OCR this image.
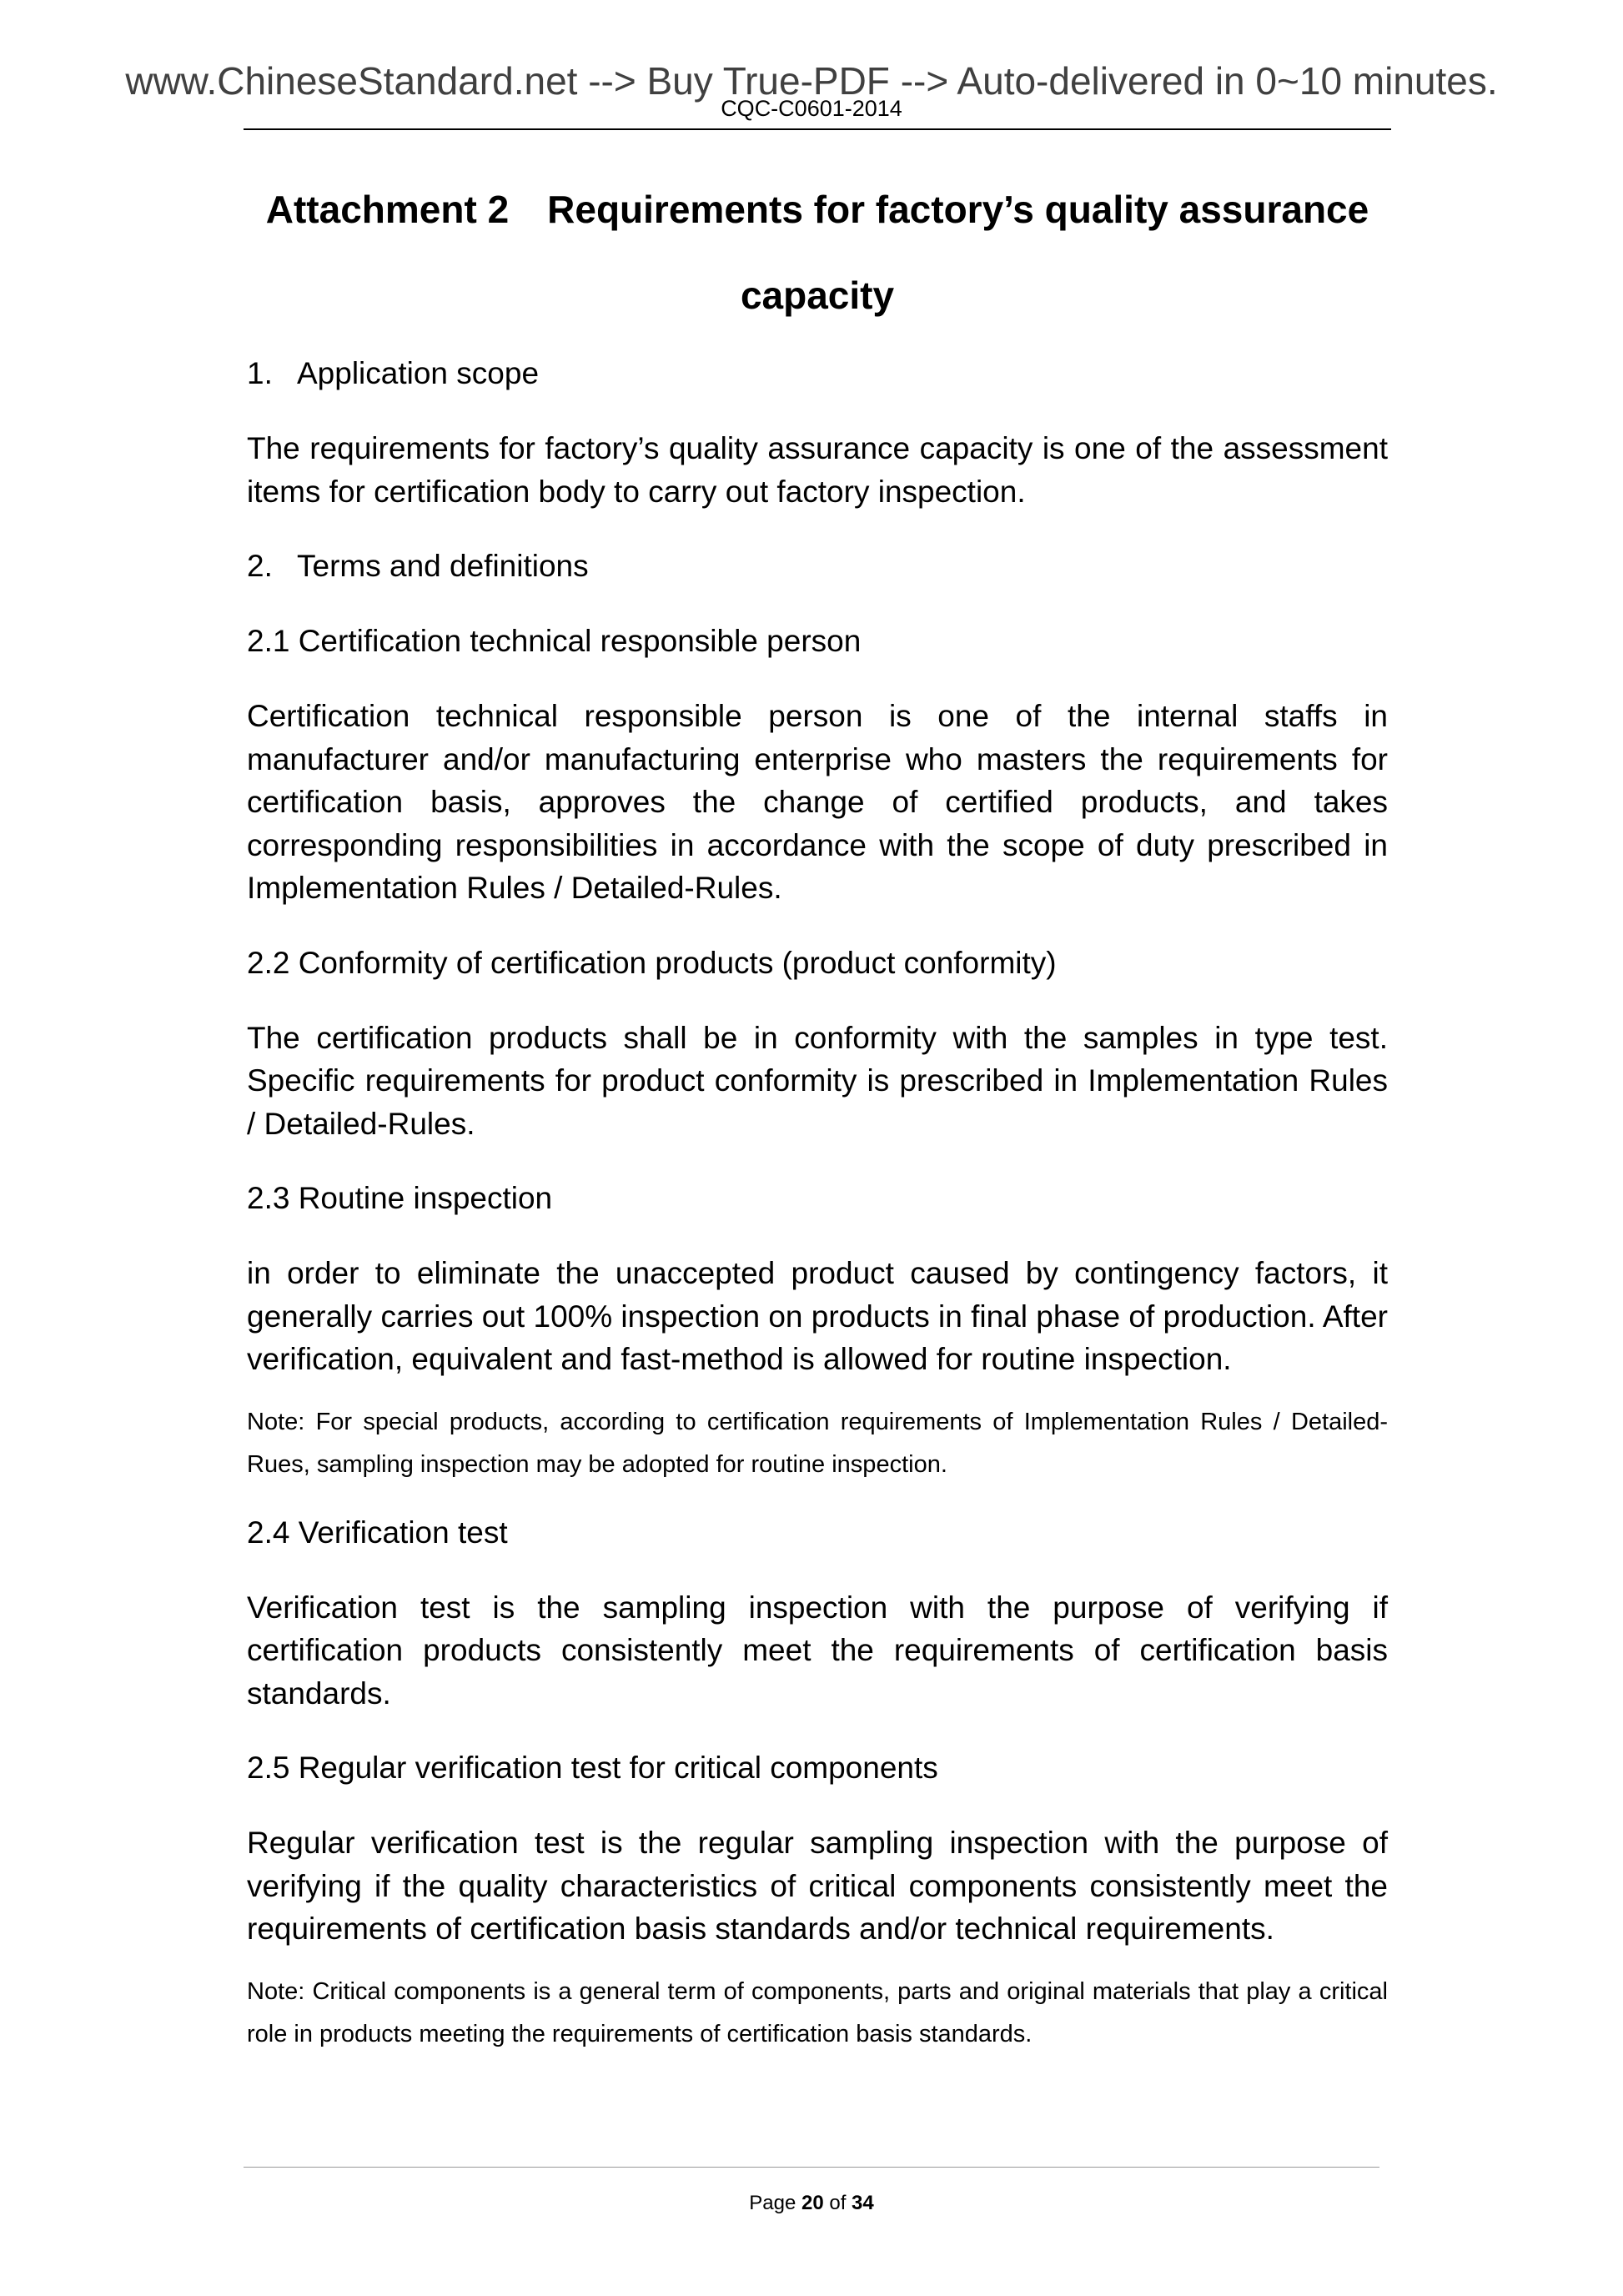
www.ChineseStandard.net --> Buy True-PDF --> Auto-delivered in 0~10 minutes.
CQC-C0601-2014
Attachment 2 Requirements for factory’s quality assurance
capacity
1. Application scope
The requirements for factory’s quality assurance capacity is one of the assessment items for certification body to carry out factory inspection.
2. Terms and definitions
2.1 Certification technical responsible person
Certification technical responsible person is one of the internal staffs in manufacturer and/or manufacturing enterprise who masters the requirements for certification basis, approves the change of certified products, and takes corresponding responsibilities in accordance with the scope of duty prescribed in Implementation Rules / Detailed-Rules.
2.2 Conformity of certification products (product conformity)
The certification products shall be in conformity with the samples in type test. Specific requirements for product conformity is prescribed in Implementation Rules / Detailed-Rules.
2.3 Routine inspection
in order to eliminate the unaccepted product caused by contingency factors, it generally carries out 100% inspection on products in final phase of production. After verification, equivalent and fast-method is allowed for routine inspection.
Note: For special products, according to certification requirements of Implementation Rules / Detailed-Rues, sampling inspection may be adopted for routine inspection.
2.4 Verification test
Verification test is the sampling inspection with the purpose of verifying if certification products consistently meet the requirements of certification basis standards.
2.5 Regular verification test for critical components
Regular verification test is the regular sampling inspection with the purpose of verifying if the quality characteristics of critical components consistently meet the requirements of certification basis standards and/or technical requirements.
Note: Critical components is a general term of components, parts and original materials that play a critical role in products meeting the requirements of certification basis standards.
Page 20 of 34
